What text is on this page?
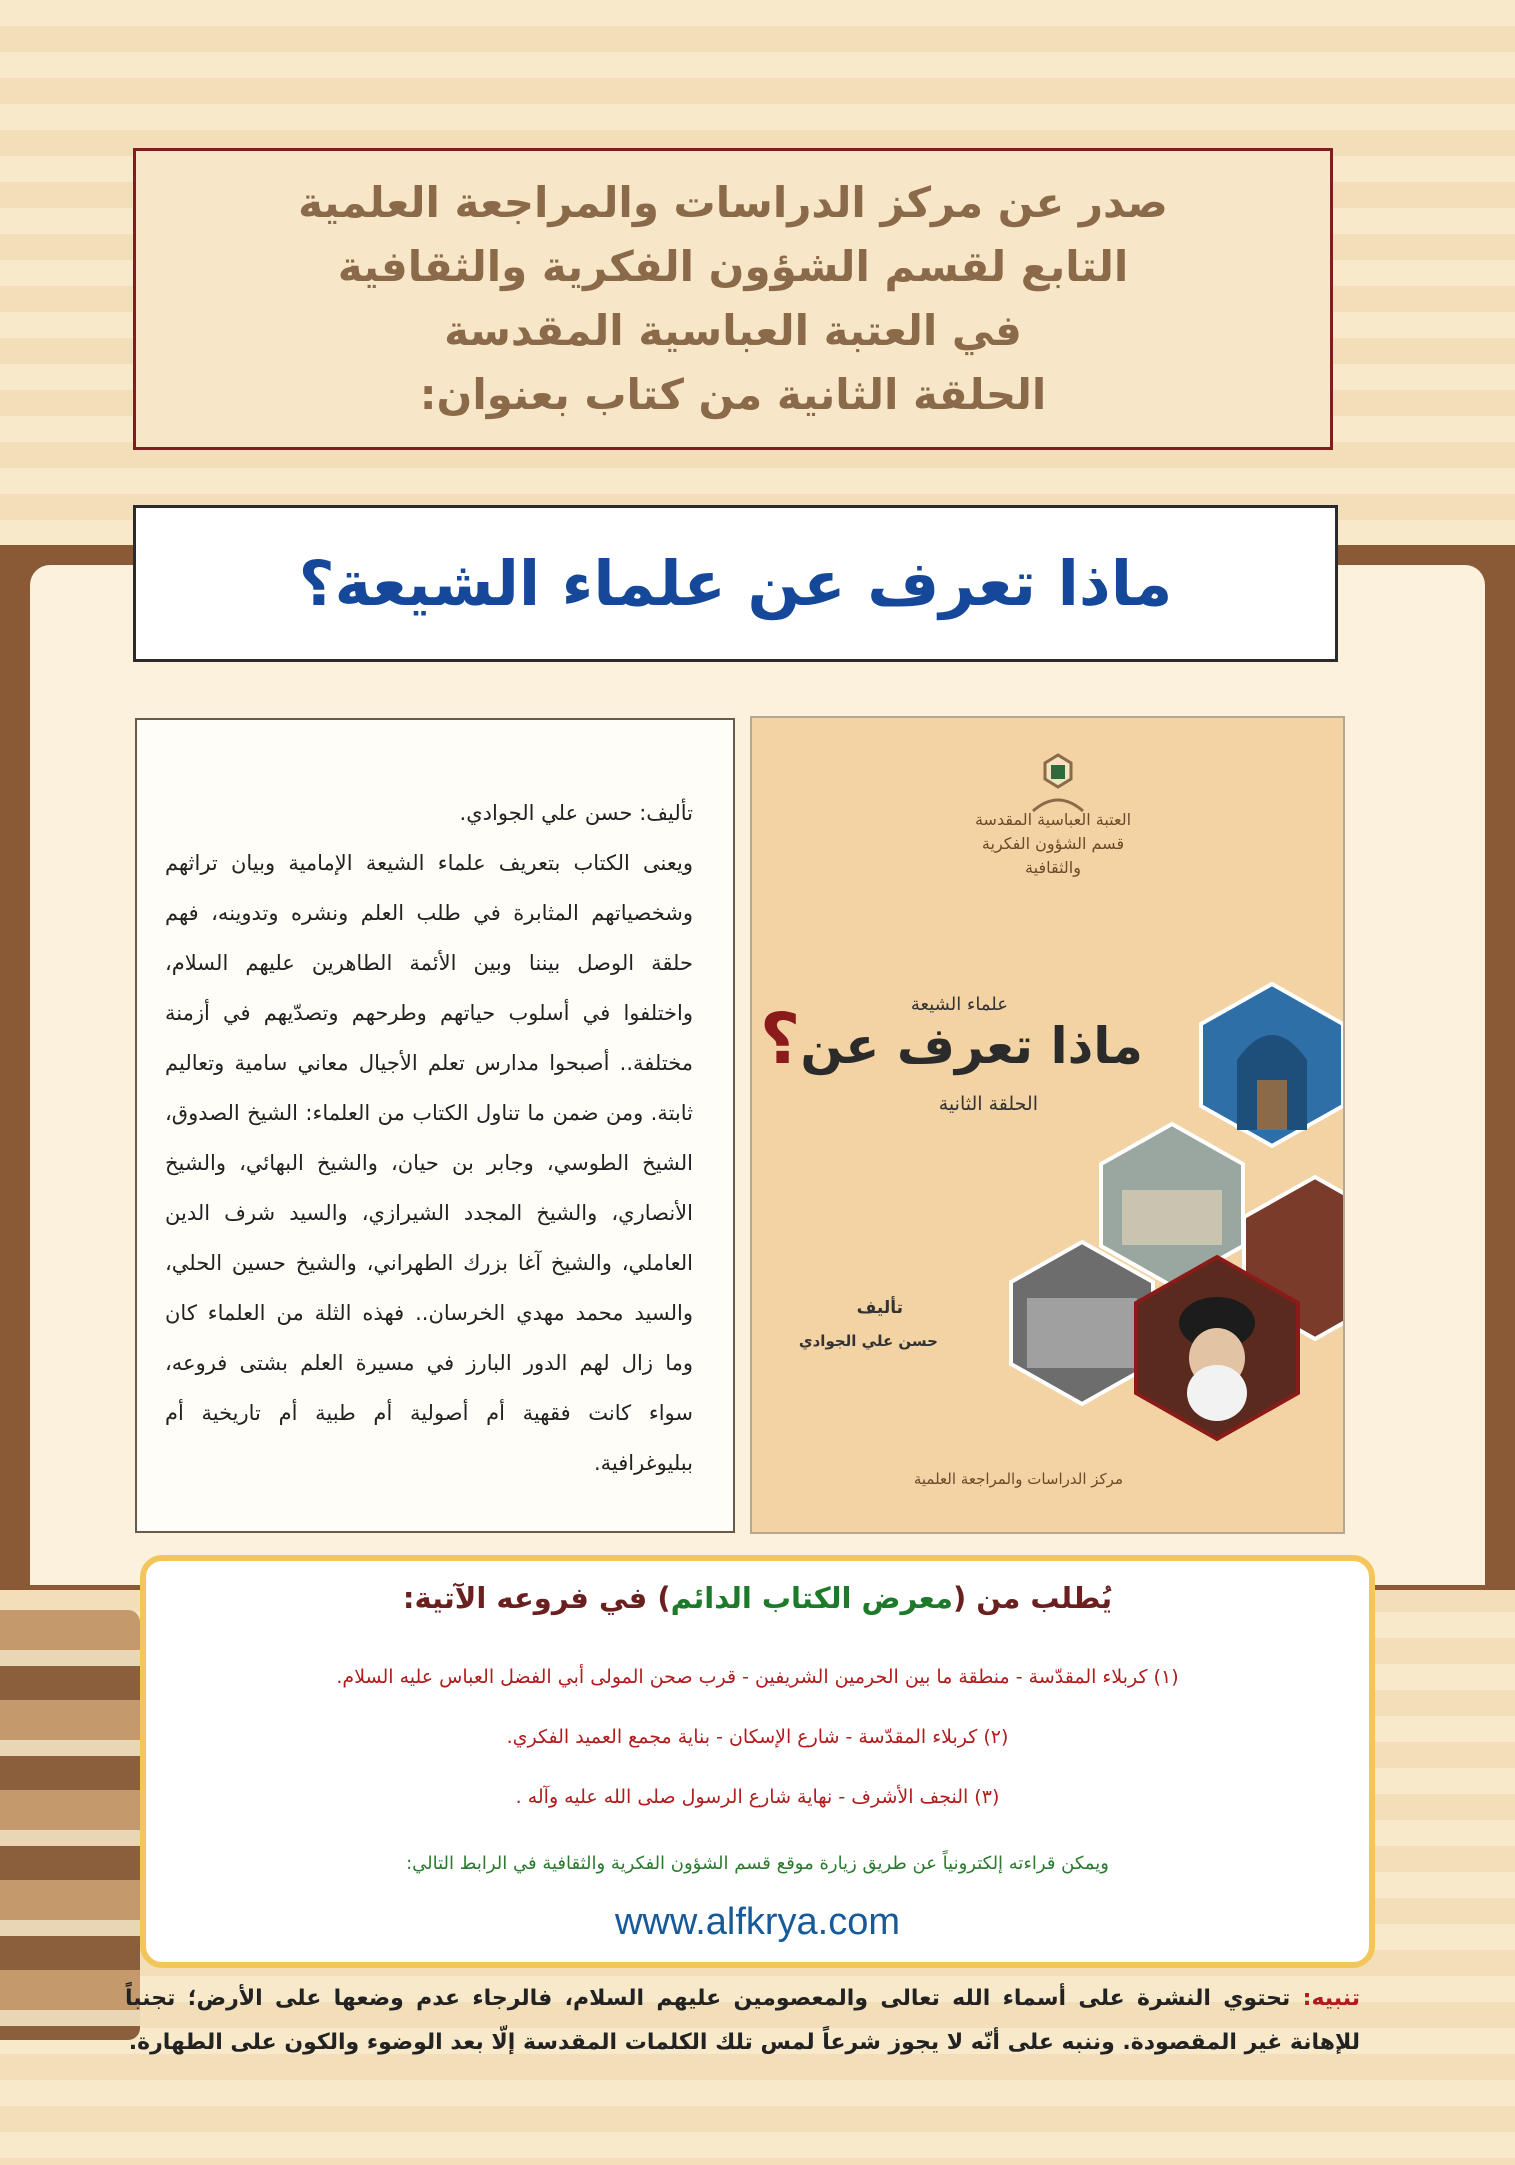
صدر عن مركز الدراسات والمراجعة العلمية
التابع لقسم الشؤون الفكرية والثقافية
في العتبة العباسية المقدسة
الحلقة الثانية من كتاب بعنوان:
ماذا تعرف عن علماء الشيعة؟
تأليف: حسن علي الجوادي.
ويعنى الكتاب بتعريف علماء الشيعة الإمامية وبيان تراثهم وشخصياتهم المثابرة في طلب العلم ونشره وتدوينه، فهم حلقة الوصل بيننا وبين الأئمة الطاهرين عليهم السلام، واختلفوا في أسلوب حياتهم وطرحهم وتصدّيهم في أزمنة مختلفة.. أصبحوا مدارس تعلم الأجيال معاني سامية وتعاليم ثابتة. ومن ضمن ما تناول الكتاب من العلماء: الشيخ الصدوق، الشيخ الطوسي، وجابر بن حيان، والشيخ البهائي، والشيخ الأنصاري، والشيخ المجدد الشيرازي، والسيد شرف الدين العاملي، والشيخ آغا بزرك الطهراني، والشيخ حسين الحلي، والسيد محمد مهدي الخرسان.. فهذه الثلة من العلماء كان وما زال لهم الدور البارز في مسيرة العلم بشتى فروعه، سواء كانت فقهية أم أصولية أم طبية أم تاريخية أم ببليوغرافية.
العتبة العباسية المقدسة
قسم الشؤون الفكرية والثقافية
علماء الشيعة
ماذا تعرف عن؟
الحلقة الثانية
تأليف
حسن علي الجوادي
مركز الدراسات والمراجعة العلمية
يُطلب من (معرض الكتاب الدائم) في فروعه الآتية:
(١) كربلاء المقدّسة - منطقة ما بين الحرمين الشريفين - قرب صحن المولى أبي الفضل العباس عليه السلام.
(٢) كربلاء المقدّسة - شارع الإسكان - بناية مجمع العميد الفكري.
(٣) النجف الأشرف - نهاية شارع الرسول صلى الله عليه وآله .
ويمكن قراءته إلكترونياً عن طريق زيارة موقع قسم الشؤون الفكرية والثقافية في الرابط التالي:
www.alfkrya.com
تنبيه: تحتوي النشرة على أسماء الله تعالى والمعصومين عليهم السلام، فالرجاء عدم وضعها على الأرض؛ تجنباً للإهانة غير المقصودة. وننبه على أنّه لا يجوز شرعاً لمس تلك الكلمات المقدسة إلّا بعد الوضوء والكون على الطهارة.
